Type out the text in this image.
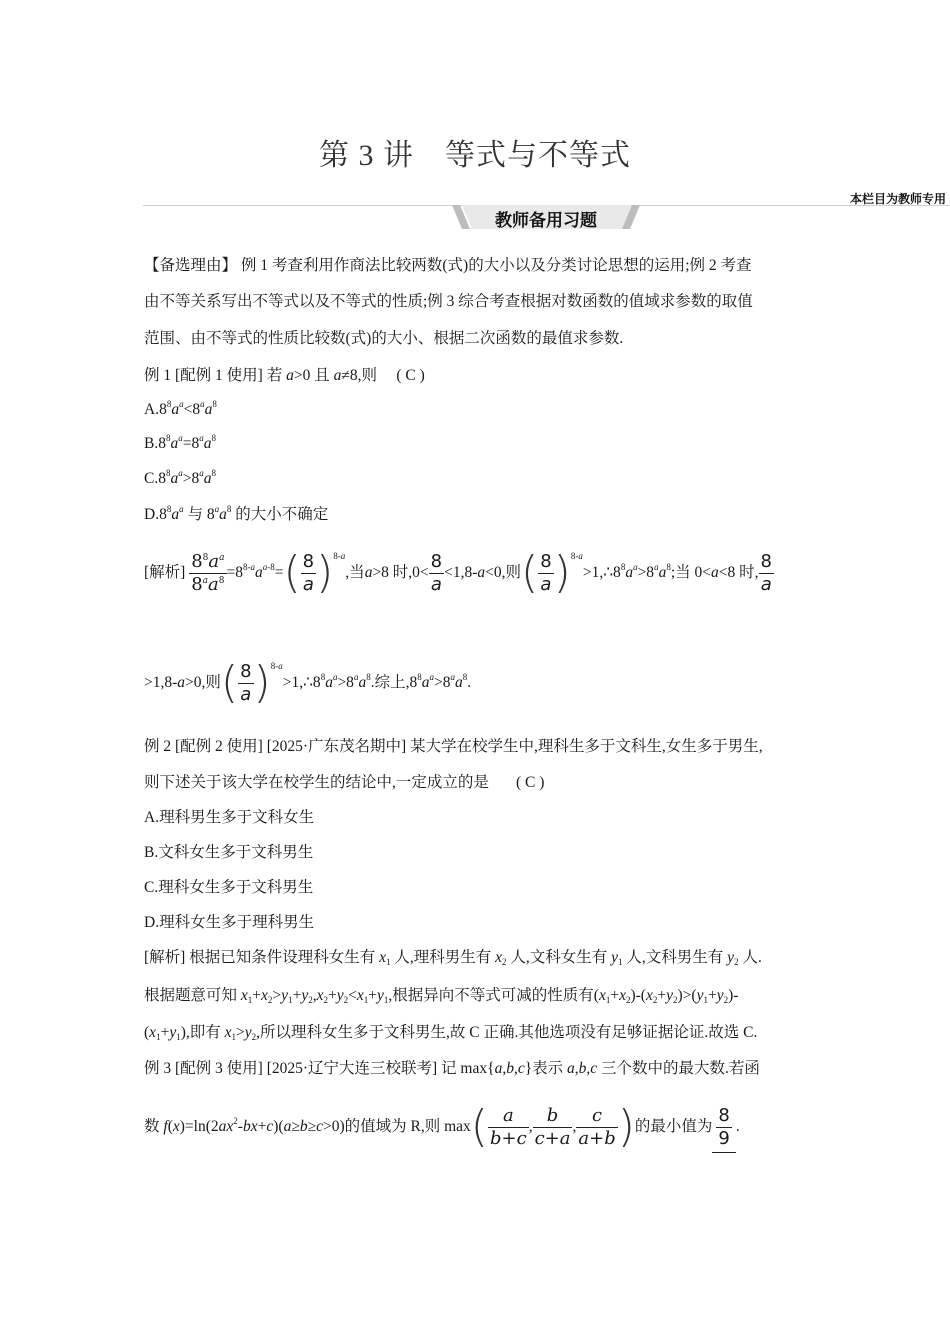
第 3 讲　等式与不等式
本栏目为教师专用
教师备用习题
【备选理由】 例 1 考查利用作商法比较两数(式)的大小以及分类讨论思想的运用;例 2 考查
由不等关系写出不等式以及不等式的性质;例 3 综合考查根据对数函数的值域求参数的取值
范围、由不等式的性质比较数(式)的大小、根据二次函数的最值求参数.
例 1 [配例 1 使用] 若 a>0 且 a≠8,则 ( C )
$A.8^8a^a<8^aa^8$
$B.8^8a^a=8^aa^8$
$C.8^8a^a>8^aa^8$
$D.8^8a^a$ 与 $8^aa^8$ 的大小不确定
[解析] $\frac{8^8a^a}{8^aa^8} =8^{8-a}a^{a-8}=( \frac{8}{a} )^{8-a}$,当a>8 时$,0< \frac{8}{a} <1,8-a<0$,则( $\frac{8}{a}$ )$^{8-a}>1,\therefore 8^8a^a>8^aa^8$;当 0<a<8 时, $\frac{8}{a}$
>1,8-a>0,则( $\frac{8}{a}$ )$^{8-a}>1,\therefore 8^8a^a>8^aa^8$.综上$,8^8a^a>8^aa^8$.
例 2 [配例 2 使用] [2025·广东茂名期中] 某大学在校学生中,理科生多于文科生,女生多于男生,
则下述关于该大学在校学生的结论中,一定成立的是 ( C )
A.理科男生多于文科女生
B.文科女生多于文科男生
C.理科女生多于文科男生
D.理科女生多于理科男生
[解析] 根据已知条件设理科女生有 $x_1$ 人,理科男生有 $x_2$ 人,文科女生有 $y_1$ 人,文科男生有 $y_2$ 人.
根据题意可知 $x_1+x_2>y_1+y_2,x_2+y_2<x_1+y_1$,根据异向不等式可减的性质有$(x_1+x_2)-(x_2+y_2)>(y_1+y_2)-$
$(x_1+y_1)$,即有 $x_1>y_2$,所以理科女生多于文科男生,故 C 正确.其他选项没有足够证据论证.故选 C.
例 3 [配例 3 使用] [2025·辽宁大连三校联考] 记 max{a,b,c}表示 a,b,c 三个数中的最大数.若函
数 $f(x)=\ln(2ax^2-bx+c)(a\ge b\ge c>0)$的值域为 R,则 $\max( \frac{a}{b+c}$ , $\frac{b}{c+a}$ , $\frac{c}{a+b}$ )的最小值为 $\frac{8}{9}$ .
